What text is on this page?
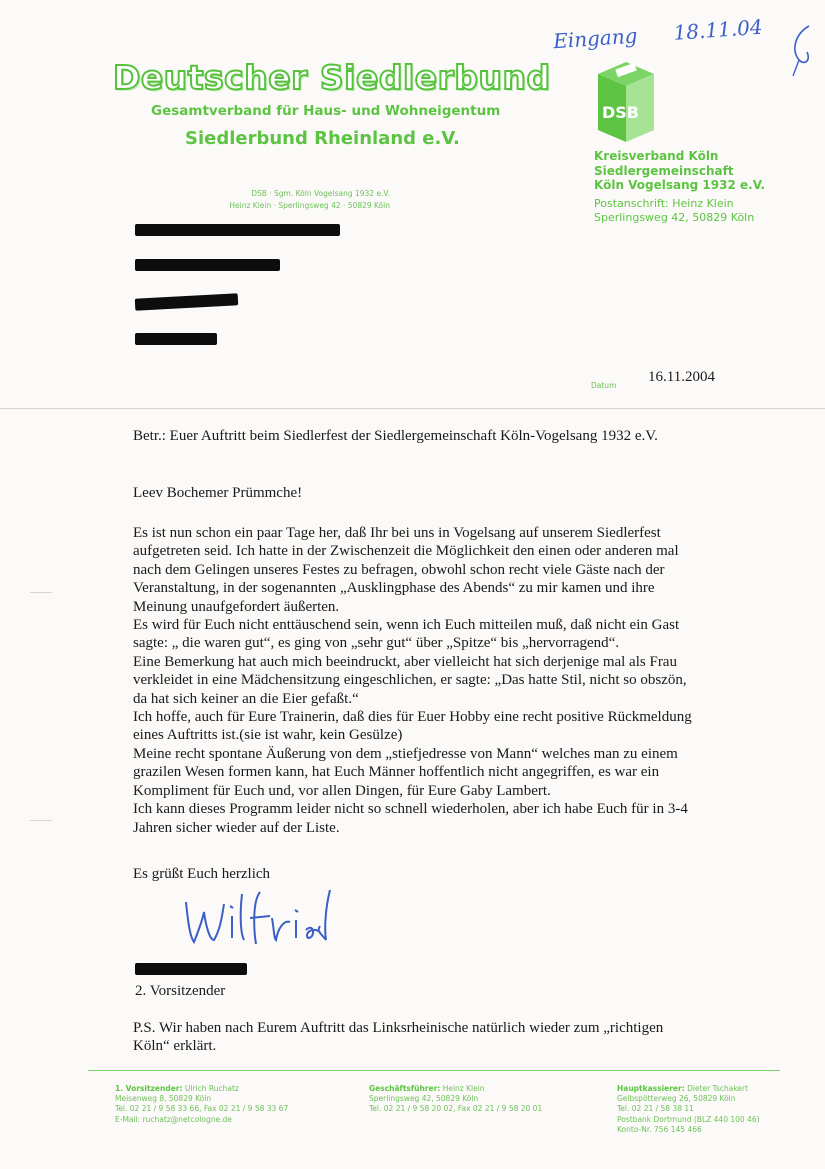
Eingang 18.11.04
Deutscher Siedlerbund
Gesamtverband für Haus- und Wohneigentum
Siedlerbund Rheinland e.V.
DSB
Kreisverband Köln
Siedlergemeinschaft
Köln Vogelsang 1932 e.V.
Postanschrift: Heinz Klein
Sperlingsweg 42, 50829 Köln
DSB · Sgm. Köln Vogelsang 1932 e.V.
Heinz Klein · Sperlingsweg 42 · 50829 Köln
Datum
16.11.2004
Betr.: Euer Auftritt beim Siedlerfest der Siedlergemeinschaft Köln-Vogelsang 1932 e.V.
Leev Bochemer Prümmche!
Es ist nun schon ein paar Tage her, daß Ihr bei uns in Vogelsang auf unserem Siedlerfest
aufgetreten seid. Ich hatte in der Zwischenzeit die Möglichkeit den einen oder anderen mal
nach dem Gelingen unseres Festes zu befragen, obwohl schon recht viele Gäste nach der
Veranstaltung, in der sogenannten „Ausklingphase des Abends“ zu mir kamen und ihre
Meinung unaufgefordert äußerten.
Es wird für Euch nicht enttäuschend sein, wenn ich Euch mitteilen muß, daß nicht ein Gast
sagte: „ die waren gut“, es ging von „sehr gut“ über „Spitze“ bis „hervorragend“.
Eine Bemerkung hat auch mich beeindruckt, aber vielleicht hat sich derjenige mal als Frau
verkleidet in eine Mädchensitzung eingeschlichen, er sagte: „Das hatte Stil, nicht so obszön,
da hat sich keiner an die Eier gefaßt.“
Ich hoffe, auch für Eure Trainerin, daß dies für Euer Hobby eine recht positive Rückmeldung
eines Auftritts ist.(sie ist wahr, kein Gesülze)
Meine recht spontane Äußerung von dem „stiefjedresse von Mann“ welches man zu einem
grazilen Wesen formen kann, hat Euch Männer hoffentlich nicht angegriffen, es war ein
Kompliment für Euch und, vor allen Dingen, für Eure Gaby Lambert.
Ich kann dieses Programm leider nicht so schnell wiederholen, aber ich habe Euch für in 3-4
Jahren sicher wieder auf der Liste.
Es grüßt Euch herzlich
2. Vorsitzender
P.S. Wir haben nach Eurem Auftritt das Linksrheinische natürlich wieder zum „richtigen
Köln“ erklärt.
1. Vorsitzender: Ulrich Ruchatz
Meisenweg 8, 50829 Köln
Tel. 02 21 / 9 58 33 66, Fax 02 21 / 9 58 33 67
E-Mail: ruchatz@netcologne.de
Geschäftsführer: Heinz Klein
Sperlingsweg 42, 50829 Köln
Tel. 02 21 / 9 58 20 02, Fax 02 21 / 9 58 20 01
Hauptkassierer: Dieter Tschakert
Gelbspötterweg 26, 50829 Köln
Tel. 02 21 / 58 38 11
Postbank Dortmund (BLZ 440 100 46)
Konto-Nr. 756 145 466
